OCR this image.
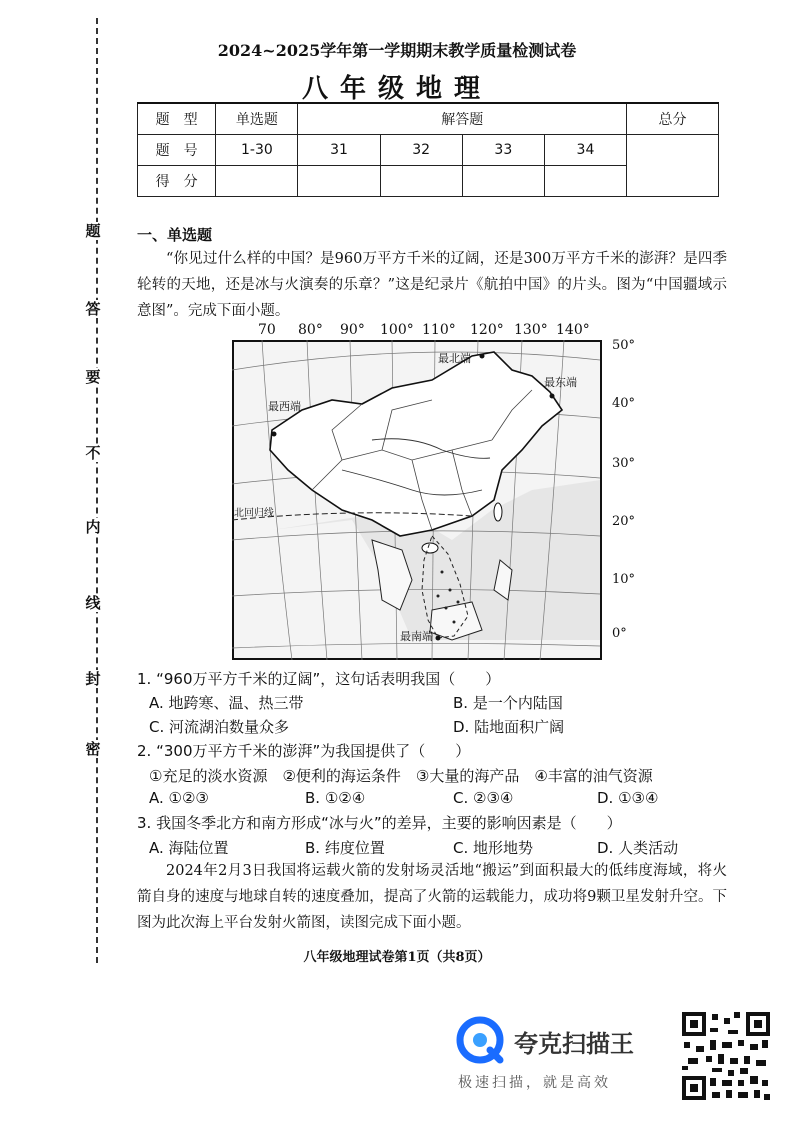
题
答
要
不
内
线
封
密
2024~2025学年第一学期期末教学质量检测试卷
八年级地理
题　型	单选题	解答题				总分
题　号	1-30	31	32	33	34	
得　分						
一、单选题
“你见过什么样的中国？是960万平方千米的辽阔，还是300万平方千米的澎湃？是四季轮转的天地，还是冰与火演奏的乐章？”这是纪录片《航拍中国》的片头。图为“中国疆域示意图”。完成下面小题。
70 80° 90° 100° 110° 120° 130° 140°
50°
40°
30°
20°
10°
0°
最北端
最东端
最西端
最南端
北回归线
1. “960万平方千米的辽阔”，这句话表明我国（　　）
A. 地跨寒、温、热三带	B. 是一个内陆国
C. 河流湖泊数量众多	D. 陆地面积广阔
2. “300万平方千米的澎湃”为我国提供了（　　）
①充足的淡水资源　②便利的海运条件　③大量的海产品　④丰富的油气资源
A. ①②③	B. ①②④	C. ②③④	D. ①③④
3. 我国冬季北方和南方形成“冰与火”的差异，主要的影响因素是（　　）
A. 海陆位置	B. 纬度位置	C. 地形地势	D. 人类活动
2024年2月3日我国将运载火箭的发射场灵活地“搬运”到面积最大的低纬度海域，将火箭自身的速度与地球自转的速度叠加，提高了火箭的运载能力，成功将9颗卫星发射升空。下图为此次海上平台发射火箭图，读图完成下面小题。
八年级地理试卷第1页（共8页）
夸克扫描王
极速扫描，就是高效
